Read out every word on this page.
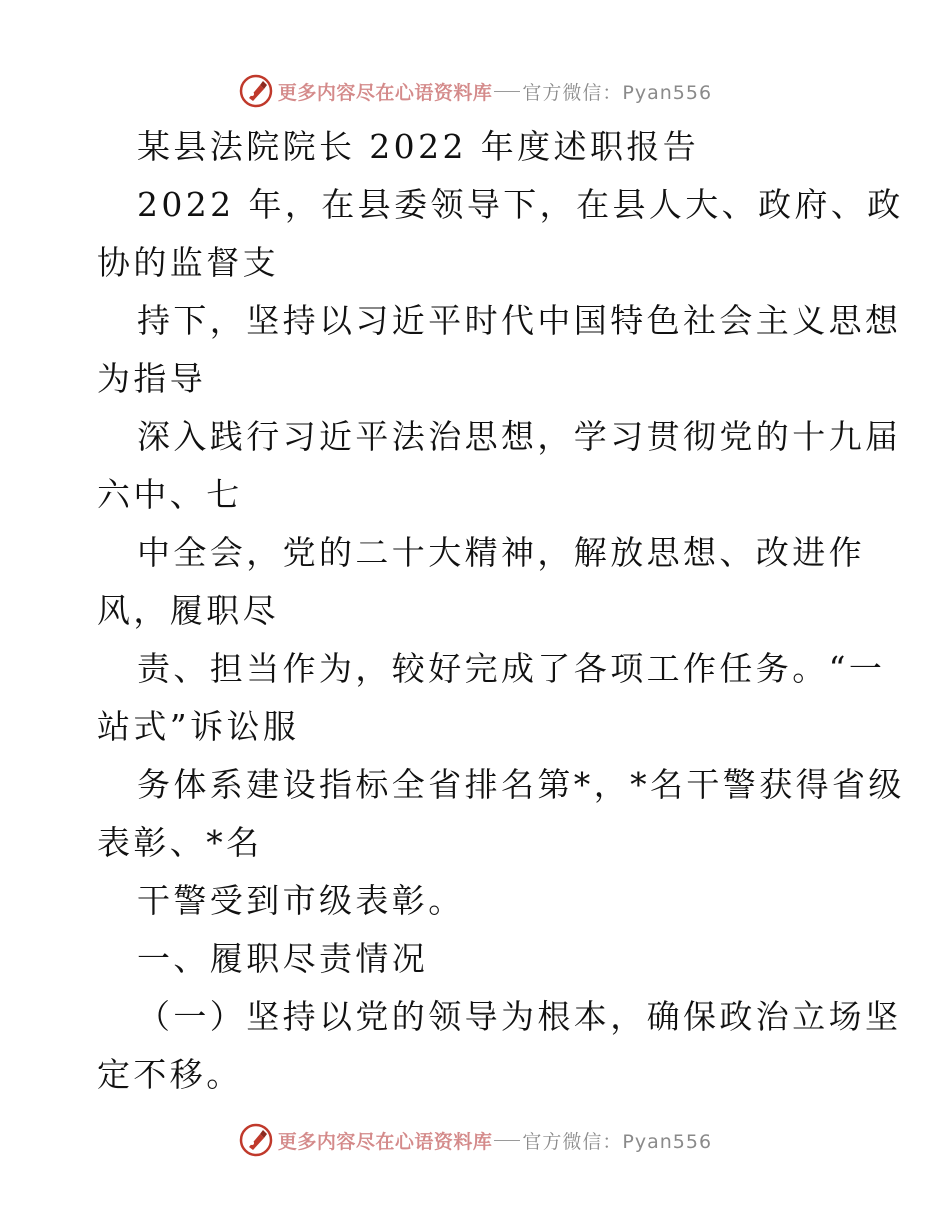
更多内容尽在心语资料库 官方微信：Pyan556
某县法院院长 2022 年度述职报告
2022 年，在县委领导下，在县人大、政府、政
协的监督支
持下，坚持以习近平时代中国特色社会主义思想
为指导
深入践行习近平法治思想，学习贯彻党的十九届
六中、七
中全会，党的二十大精神，解放思想、改进作
风，履职尽
责、担当作为，较好完成了各项工作任务。“一
站式”诉讼服
务体系建设指标全省排名第*，*名干警获得省级
表彰、*名
干警受到市级表彰。
一、履职尽责情况
（一）坚持以党的领导为根本，确保政治立场坚
定不移。
更多内容尽在心语资料库 官方微信：Pyan556
